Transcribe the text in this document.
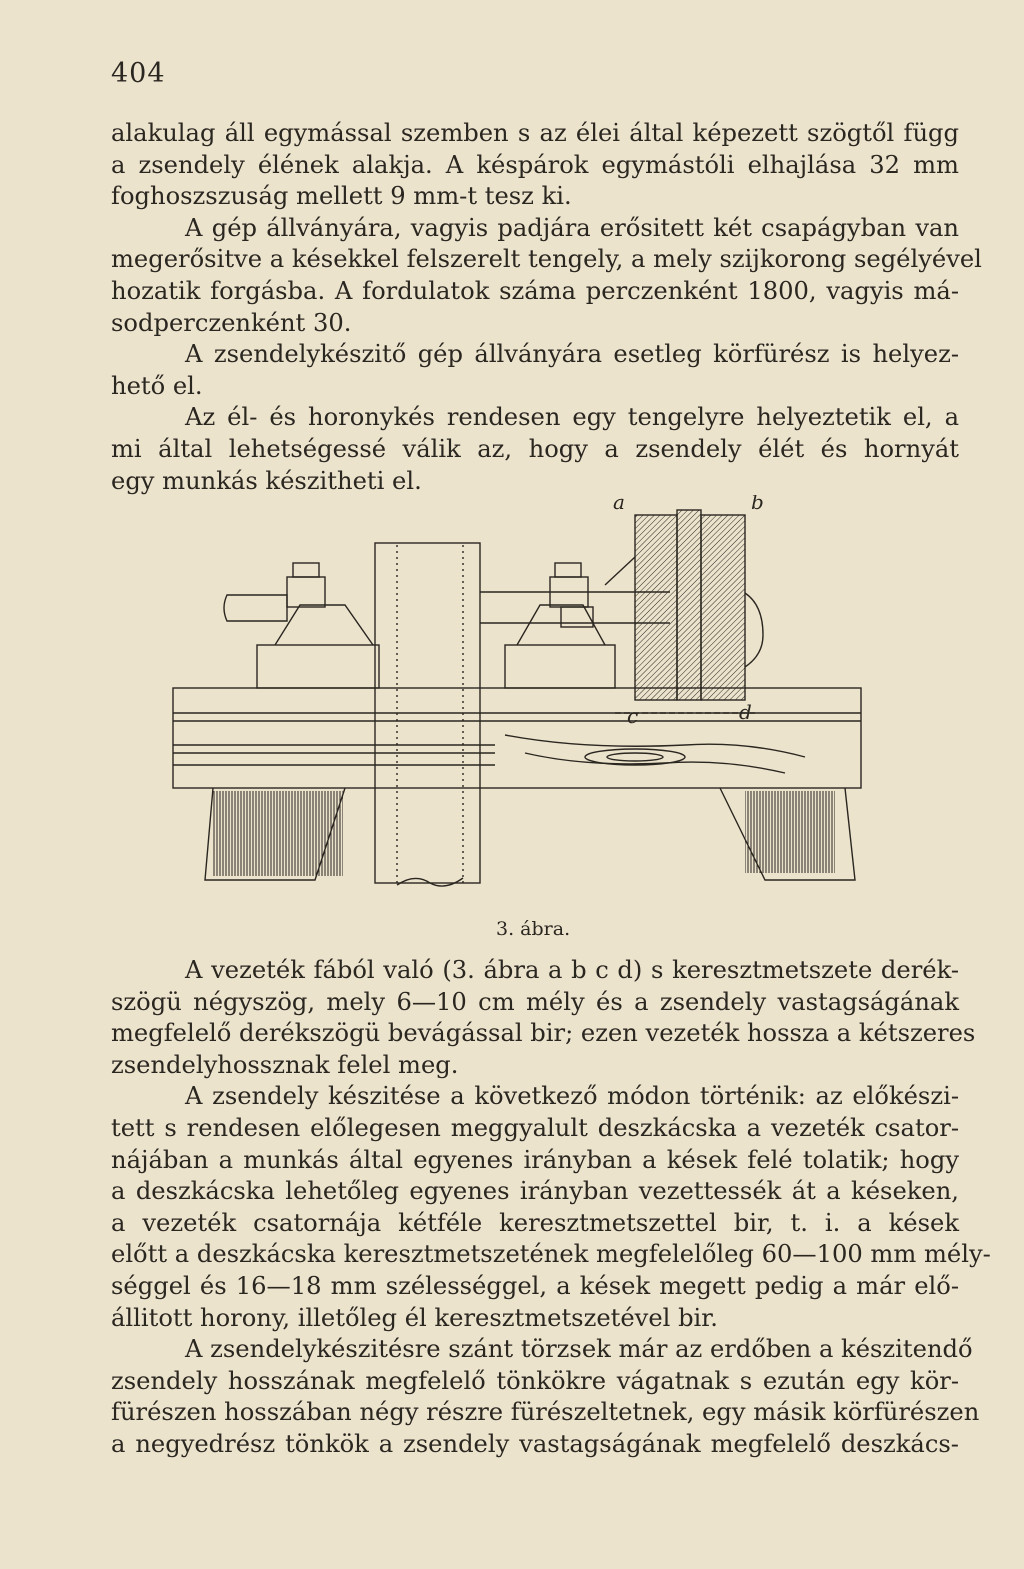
404
alakulag áll egymással szemben s az élei által képezett szögtől függ
a zsendely élének alakja. A késpárok egymástóli elhajlása 32 mm
foghoszszuság mellett 9 mm-t tesz ki.
A gép állványára, vagyis padjára erősitett két csapágyban van
megerősitve a késekkel felszerelt tengely, a mely szijkorong segélyével
hozatik forgásba. A fordulatok száma perczenként 1800, vagyis má-
sodperczenként 30.
A zsendelykészitő gép állványára esetleg körfürész is helyez-
hető el.
Az él- és horonykés rendesen egy tengelyre helyeztetik el, a
mi által lehetségessé válik az, hogy a zsendely élét és hornyát
egy munkás készitheti el.
a	b
c	d
3. ábra.
A vezeték fából való (3. ábra a b c d) s keresztmetszete derék-
szögü négyszög, mely 6—10 cm mély és a zsendely vastagságának
megfelelő derékszögü bevágással bir; ezen vezeték hossza a kétszeres
zsendelyhossznak felel meg.
A zsendely készitése a következő módon történik: az előkészi-
tett s rendesen előlegesen meggyalult deszkácska a vezeték csator-
nájában a munkás által egyenes irányban a kések felé tolatik; hogy
a deszkácska lehetőleg egyenes irányban vezettessék át a késeken,
a vezeték csatornája kétféle keresztmetszettel bir, t. i. a kések
előtt a deszkácska keresztmetszetének megfelelőleg 60—100 mm mély-
séggel és 16—18 mm szélességgel, a kések megett pedig a már elő-
állitott horony, illetőleg él keresztmetszetével bir.
A zsendelykészitésre szánt törzsek már az erdőben a készitendő
zsendely hosszának megfelelő tönkökre vágatnak s ezután egy kör-
fürészen hosszában négy részre fürészeltetnek, egy másik körfürészen
a negyedrész tönkök a zsendely vastagságának megfelelő deszkács-
